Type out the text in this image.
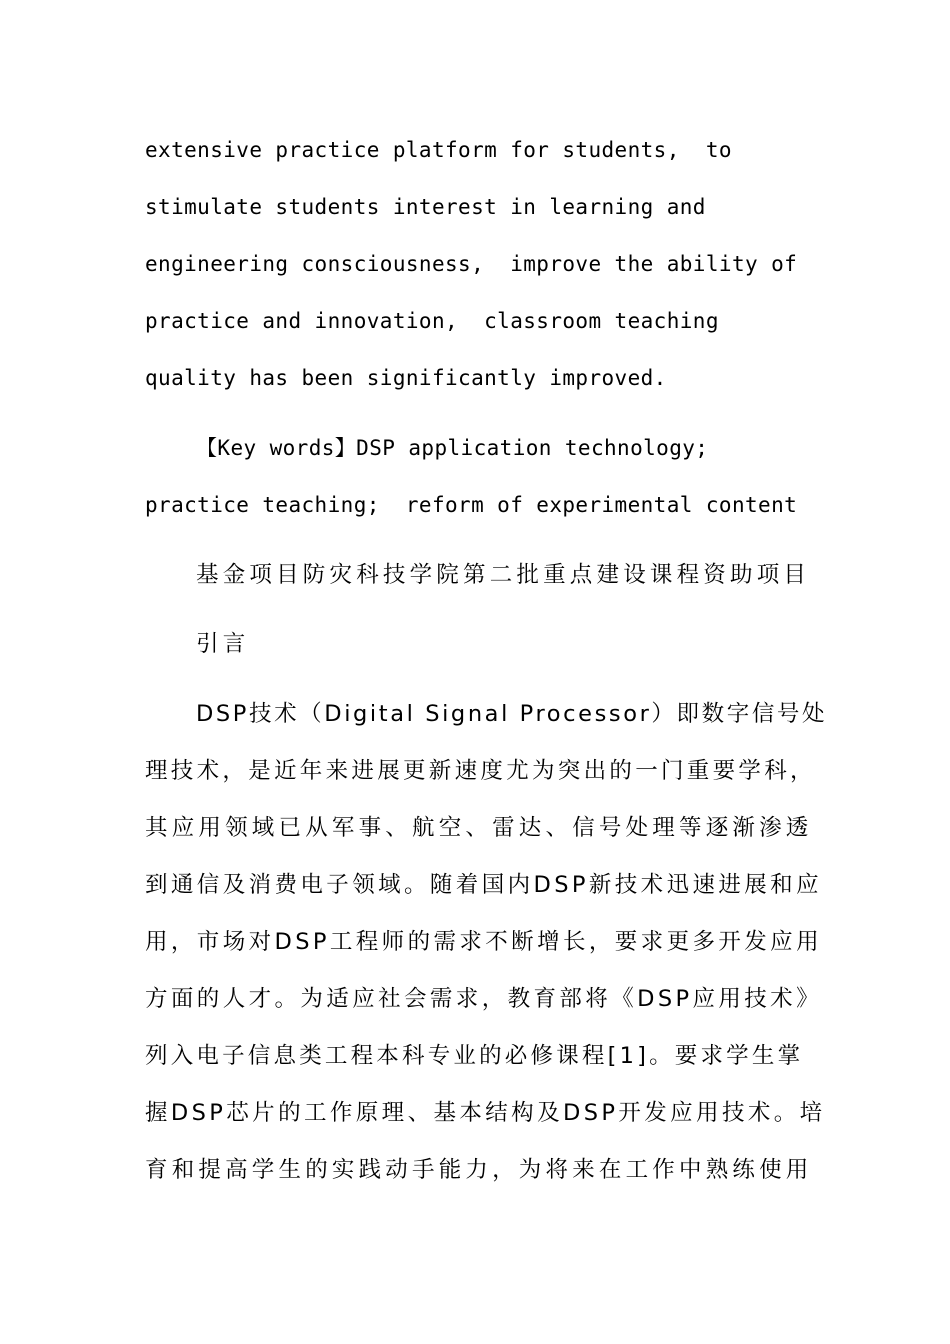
extensive practice platform for students,  to
stimulate students interest in learning and
engineering consciousness,  improve the ability of
practice and innovation,  classroom teaching
quality has been significantly improved.
【Key words】DSP application technology;
practice teaching;  reform of experimental content
基金项目防灾科技学院第二批重点建设课程资助项目
引言
DSP技术（Digital Signal Processor）即数字信号处
理技术，是近年来进展更新速度尤为突出的一门重要学科，
其应用领域已从军事、航空、雷达、信号处理等逐渐渗透
到通信及消费电子领域。随着国内DSP新技术迅速进展和应
用，市场对DSP工程师的需求不断增长，要求更多开发应用
方面的人才。为适应社会需求，教育部将《DSP应用技术》
列入电子信息类工程本科专业的必修课程[1]。要求学生掌
握DSP芯片的工作原理、基本结构及DSP开发应用技术。培
育和提高学生的实践动手能力，为将来在工作中熟练使用
